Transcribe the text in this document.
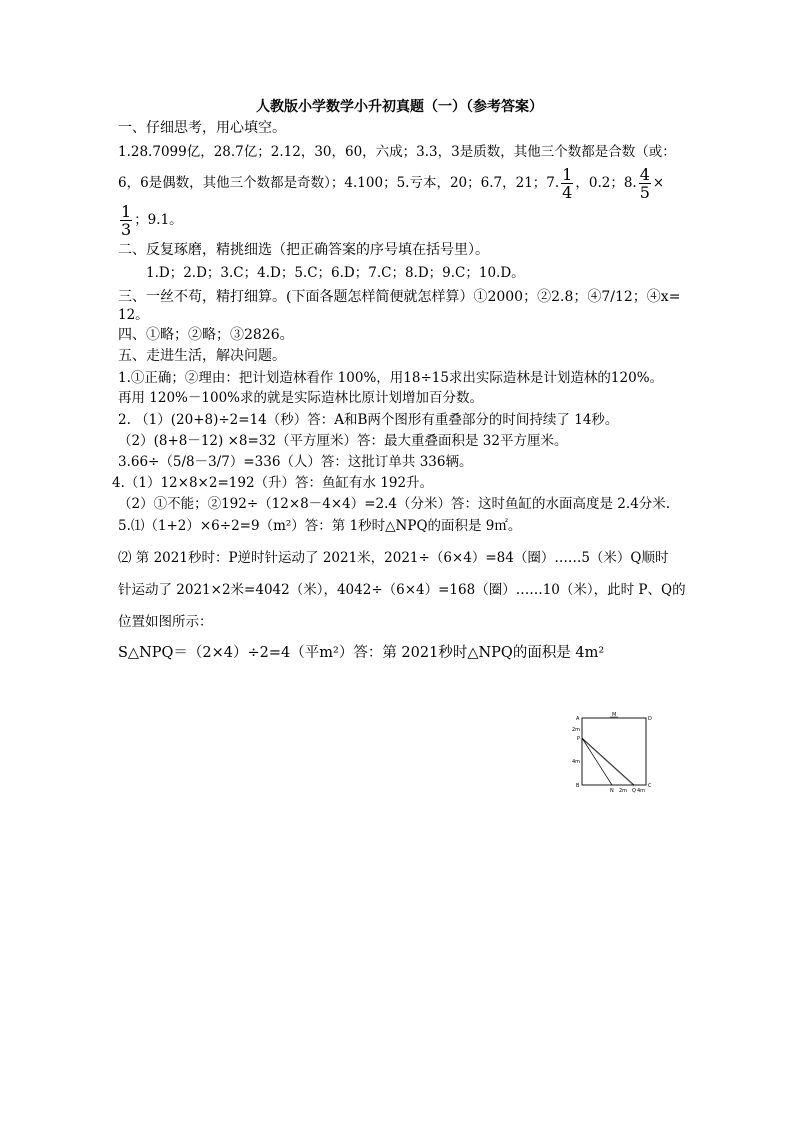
人教版小学数学小升初真题（一）（参考答案）
一、仔细思考，用心填空。
1.28.7099亿，28.7亿；2.12，30，60，六成；3.3，3是质数，其他三个数都是合数（或：
6，6是偶数，其他三个数都是奇数）；4.100；5.亏本，20；6.7，21；7. $\frac{1}{4}$ ，0.2；8. $\frac{4}{5}$ ×
$\frac{1}{3}$ ；9.1。
二、反复琢磨，精挑细选（把正确答案的序号填在括号里）。
1.D；2.D；3.C；4.D；5.C；6.D；7.C；8.D；9.C；10.D。
三、一丝不苟，精打细算。(下面各题怎样简便就怎样算）①2000；②2.8；④7/12；④x=
12。
四、①略；②略；③2826。
五、走进生活，解决问题。
1.①正确；②理由：把计划造林看作 100%，用18÷15求出实际造林是计划造林的120%。
再用 120%－100%求的就是实际造林比原计划增加百分数。
2. （1）(20+8)÷2=14（秒）答：A和B两个图形有重叠部分的时间持续了 14秒。
（2）(8+8－12) ×8=32（平方厘米）答：最大重叠面积是 32平方厘米。
3.66÷（5/8－3/7）=336（人）答：这批订单共 336辆。
4.（1）12×8×2=192（升）答：鱼缸有水 192升。
（2）①不能；②192÷（12×8－4×4）=2.4（分米）答：这时鱼缸的水面高度是 2.4分米.
5.⑴（1+2）×6÷2=9（m²）答：第 1秒时△NPQ的面积是 9㎡。
⑵ 第 2021秒时：P逆时针运动了 2021米，2021÷（6×4）=84（圈）……5（米）Q顺时
针运动了 2021×2米=4042（米），4042÷（6×4）=168（圈）……10（米），此时 P、Q的
位置如图所示：
S△NPQ＝（2×4）÷2=4（平m²）答：第 2021秒时△NPQ的面积是 4m²
A
M
D
2m
P
4m
B
N 2m Q 4m
C
